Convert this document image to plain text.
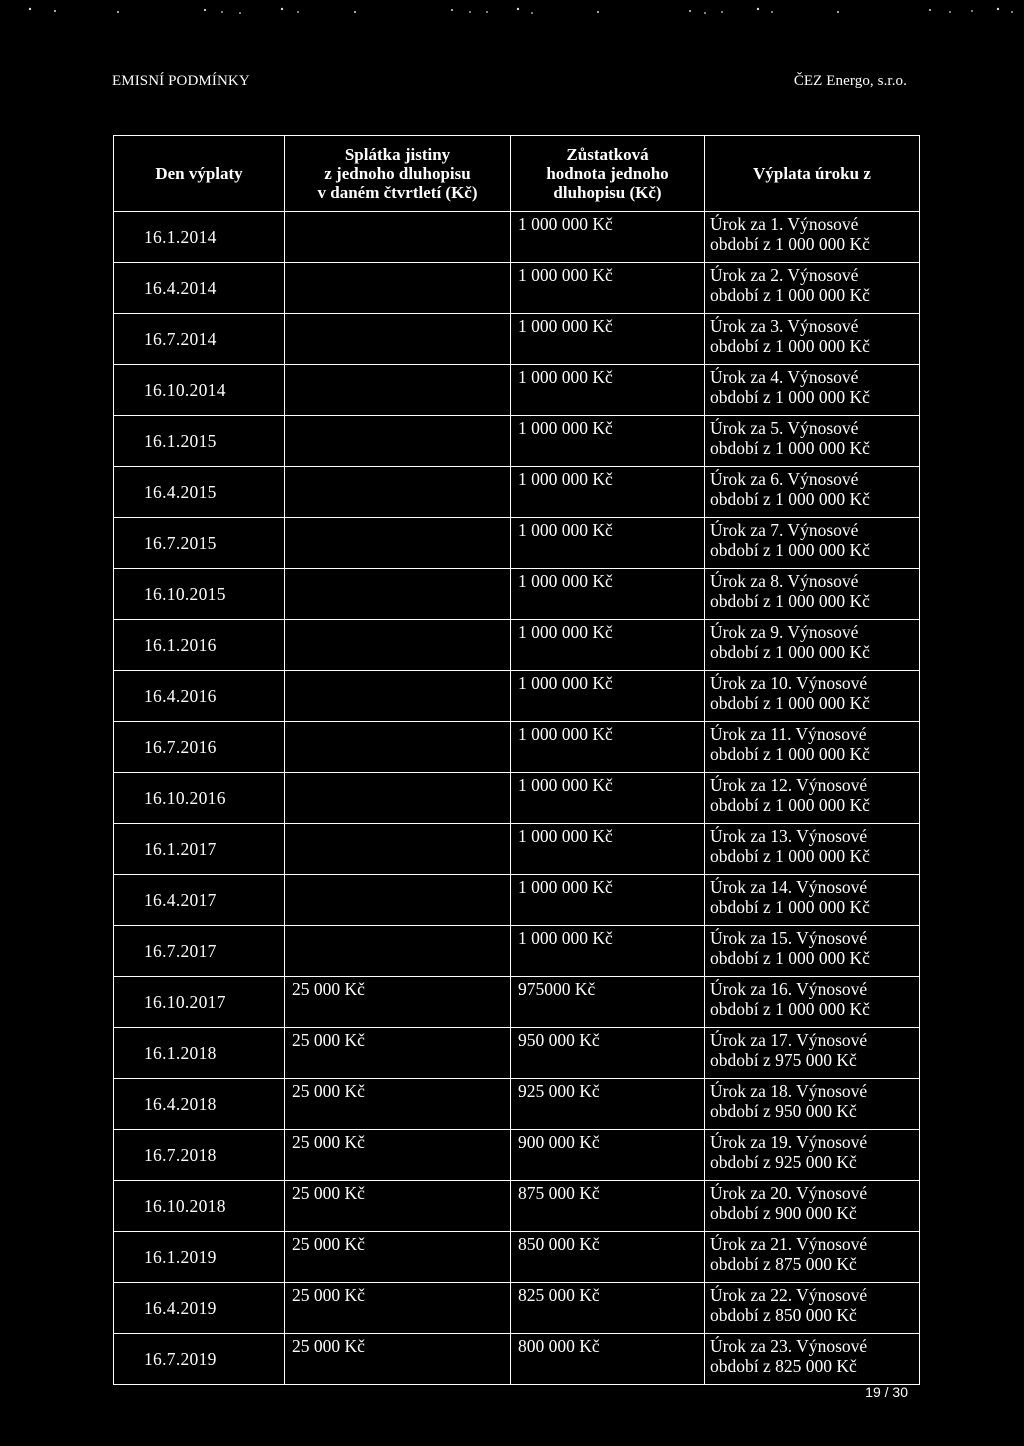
EMISNÍ PODMÍNKY	ČEZ Energo, s.r.o.
Den výplaty	Splátka jistiny
z jednoho dluhopisu
v daném čtvrtletí (Kč)	Zůstatková
hodnota jednoho
dluhopisu (Kč)	Výplata úroku z
16.1.2014		1 000 000 Kč	Úrok za 1. Výnosové
období z 1 000 000 Kč

16.4.2014		1 000 000 Kč	Úrok za 2. Výnosové
období z 1 000 000 Kč

16.7.2014		1 000 000 Kč	Úrok za 3. Výnosové
období z 1 000 000 Kč

16.10.2014		1 000 000 Kč	Úrok za 4. Výnosové
období z 1 000 000 Kč

16.1.2015		1 000 000 Kč	Úrok za 5. Výnosové
období z 1 000 000 Kč

16.4.2015		1 000 000 Kč	Úrok za 6. Výnosové
období z 1 000 000 Kč

16.7.2015		1 000 000 Kč	Úrok za 7. Výnosové
období z 1 000 000 Kč

16.10.2015		1 000 000 Kč	Úrok za 8. Výnosové
období z 1 000 000 Kč

16.1.2016		1 000 000 Kč	Úrok za 9. Výnosové
období z 1 000 000 Kč

16.4.2016		1 000 000 Kč	Úrok za 10. Výnosové
období z 1 000 000 Kč

16.7.2016		1 000 000 Kč	Úrok za 11. Výnosové
období z 1 000 000 Kč

16.10.2016		1 000 000 Kč	Úrok za 12. Výnosové
období z 1 000 000 Kč

16.1.2017		1 000 000 Kč	Úrok za 13. Výnosové
období z 1 000 000 Kč

16.4.2017		1 000 000 Kč	Úrok za 14. Výnosové
období z 1 000 000 Kč

16.7.2017		1 000 000 Kč	Úrok za 15. Výnosové
období z 1 000 000 Kč

16.10.2017	25 000 Kč	975000 Kč	Úrok za 16. Výnosové
období z 1 000 000 Kč

16.1.2018	25 000 Kč	950 000 Kč	Úrok za 17. Výnosové
období z 975 000 Kč

16.4.2018	25 000 Kč	925 000 Kč	Úrok za 18. Výnosové
období z 950 000 Kč

16.7.2018	25 000 Kč	900 000 Kč	Úrok za 19. Výnosové
období z 925 000 Kč

16.10.2018	25 000 Kč	875 000 Kč	Úrok za 20. Výnosové
období z 900 000 Kč

16.1.2019	25 000 Kč	850 000 Kč	Úrok za 21. Výnosové
období z 875 000 Kč

16.4.2019	25 000 Kč	825 000 Kč	Úrok za 22. Výnosové
období z 850 000 Kč

16.7.2019	25 000 Kč	800 000 Kč	Úrok za 23. Výnosové
období z 825 000 Kč
19 / 30
